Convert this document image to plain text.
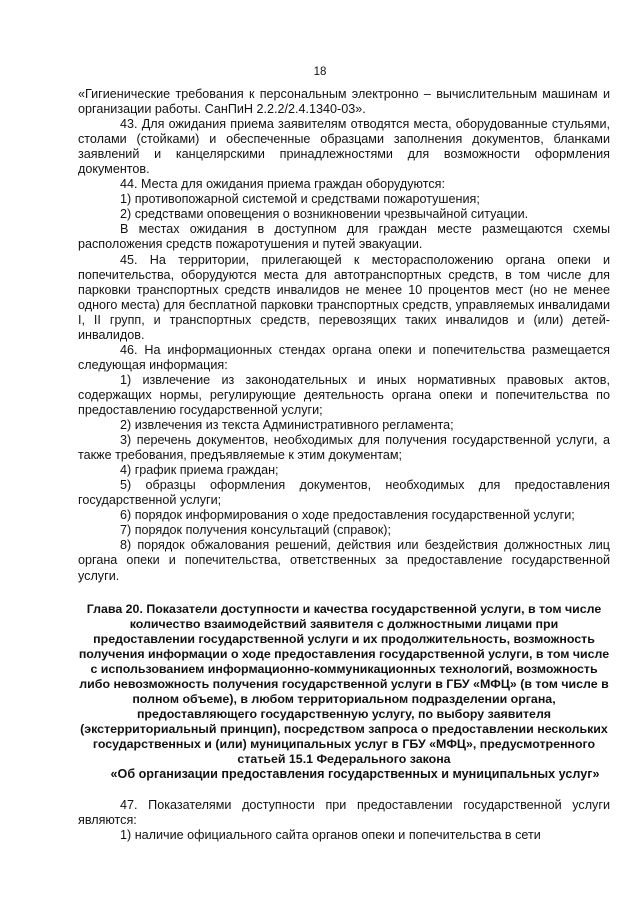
18

«Гигиенические требования к персональным электронно – вычислительным машинам и организации работы. СанПиН 2.2.2/2.4.1340-03».

43. Для ожидания приема заявителям отводятся места, оборудованные стульями, столами (стойками) и обеспеченные образцами заполнения документов, бланками заявлений и канцелярскими принадлежностями для возможности оформления документов.

44. Места для ожидания приема граждан оборудуются:

1) противопожарной системой и средствами пожаротушения;

2) средствами оповещения о возникновении чрезвычайной ситуации.

В местах ожидания в доступном для граждан месте размещаются схемы расположения средств пожаротушения и путей эвакуации.

45. На территории, прилегающей к месторасположению органа опеки и попечительства, оборудуются места для автотранспортных средств, в том числе для парковки транспортных средств инвалидов не менее 10 процентов мест (но не менее одного места) для бесплатной парковки транспортных средств, управляемых инвалидами I, II групп, и транспортных средств, перевозящих таких инвалидов и (или) детей-инвалидов.

46. На информационных стендах органа опеки и попечительства размещается следующая информация:

1) извлечение из законодательных и иных нормативных правовых актов, содержащих нормы, регулирующие деятельность органа опеки и попечительства по предоставлению государственной услуги;

2) извлечения из текста Административного регламента;

3) перечень документов, необходимых для получения государственной услуги, а также требования, предъявляемые к этим документам;

4) график приема граждан;

5) образцы оформления документов, необходимых для предоставления государственной услуги;

6) порядок информирования о ходе предоставления государственной услуги;

7) порядок получения консультаций (справок);

8) порядок обжалования решений, действия или бездействия должностных лиц органа опеки и попечительства, ответственных за предоставление государственной услуги.

Глава 20. Показатели доступности и качества государственной услуги, в том числе количество взаимодействий заявителя с должностными лицами при предоставлении государственной услуги и их продолжительность, возможность получения информации о ходе предоставления государственной услуги, в том числе с использованием информационно-коммуникационных технологий, возможность либо невозможность получения государственной услуги в ГБУ «МФЦ» (в том числе в полном объеме), в любом территориальном подразделении органа, предоставляющего государственную услугу, по выбору заявителя (экстерриториальный принцип), посредством запроса о предоставлении нескольких государственных и (или) муниципальных услуг в ГБУ «МФЦ», предусмотренного статьей 15.1 Федерального закона

«Об организации предоставления государственных и муниципальных услуг»

47. Показателями доступности при предоставлении государственной услуги являются:

1) наличие официального сайта органов опеки и попечительства в сети
